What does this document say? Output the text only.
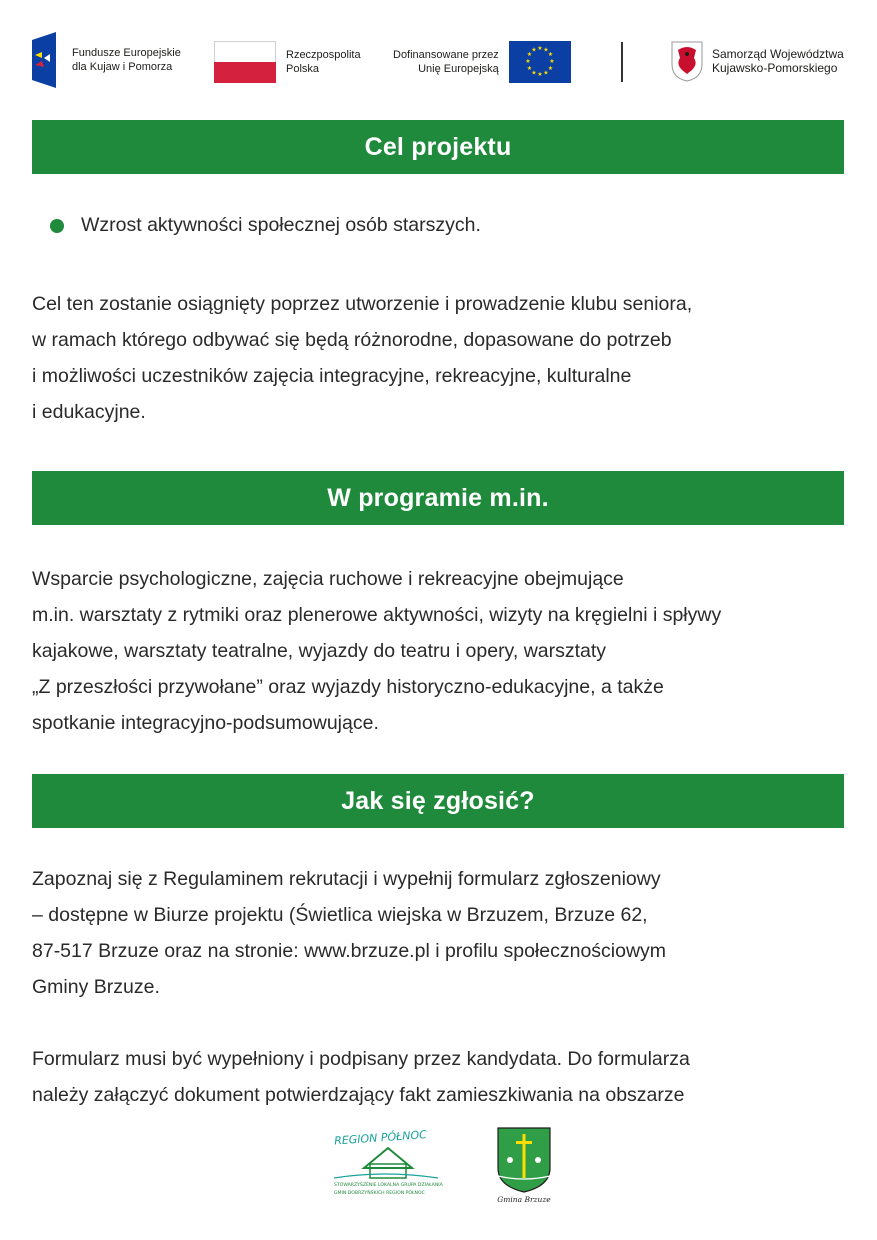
Fundusze Europejskie
dla Kujaw i Pomorza
Rzeczpospolita
Polska
Dofinansowane przez
Unię Europejską
★ ★
★
★
★
★
★
★
★
★
★
★	Samorząd Województwa
Kujawsko-Pomorskiego
Cel projektu
Wzrost aktywności społecznej osób starszych.
Cel ten zostanie osiągnięty poprzez utworzenie i prowadzenie klubu seniora,
w ramach którego odbywać się będą różnorodne, dopasowane do potrzeb
i możliwości uczestników zajęcia integracyjne, rekreacyjne, kulturalne
i edukacyjne.
W programie m.in.
Wsparcie psychologiczne, zajęcia ruchowe i rekreacyjne obejmujące
m.in. warsztaty z rytmiki oraz plenerowe aktywności, wizyty na kręgielni i spływy
kajakowe, warsztaty teatralne, wyjazdy do teatru i opery, warsztaty
„Z przeszłości przywołane” oraz wyjazdy historyczno-edukacyjne, a także
spotkanie integracyjno-podsumowujące.
Jak się zgłosić?
Zapoznaj się z Regulaminem rekrutacji i wypełnij formularz zgłoszeniowy
– dostępne w Biurze projektu (Świetlica wiejska w Brzuzem, Brzuze 62,
87-517 Brzuze oraz na stronie: www.brzuze.pl i profilu społecznościowym
Gminy Brzuze.
Formularz musi być wypełniony i podpisany przez kandydata. Do formularza
należy załączyć dokument potwierdzający fakt zamieszkiwania na obszarze
REGION PÓŁNOC
STOWARZYSZENIE LOKALNA GRUPA DZIAŁANIA
GMIN DOBRZYŃSKICH REGION PÓŁNOC
Gmina Brzuze
